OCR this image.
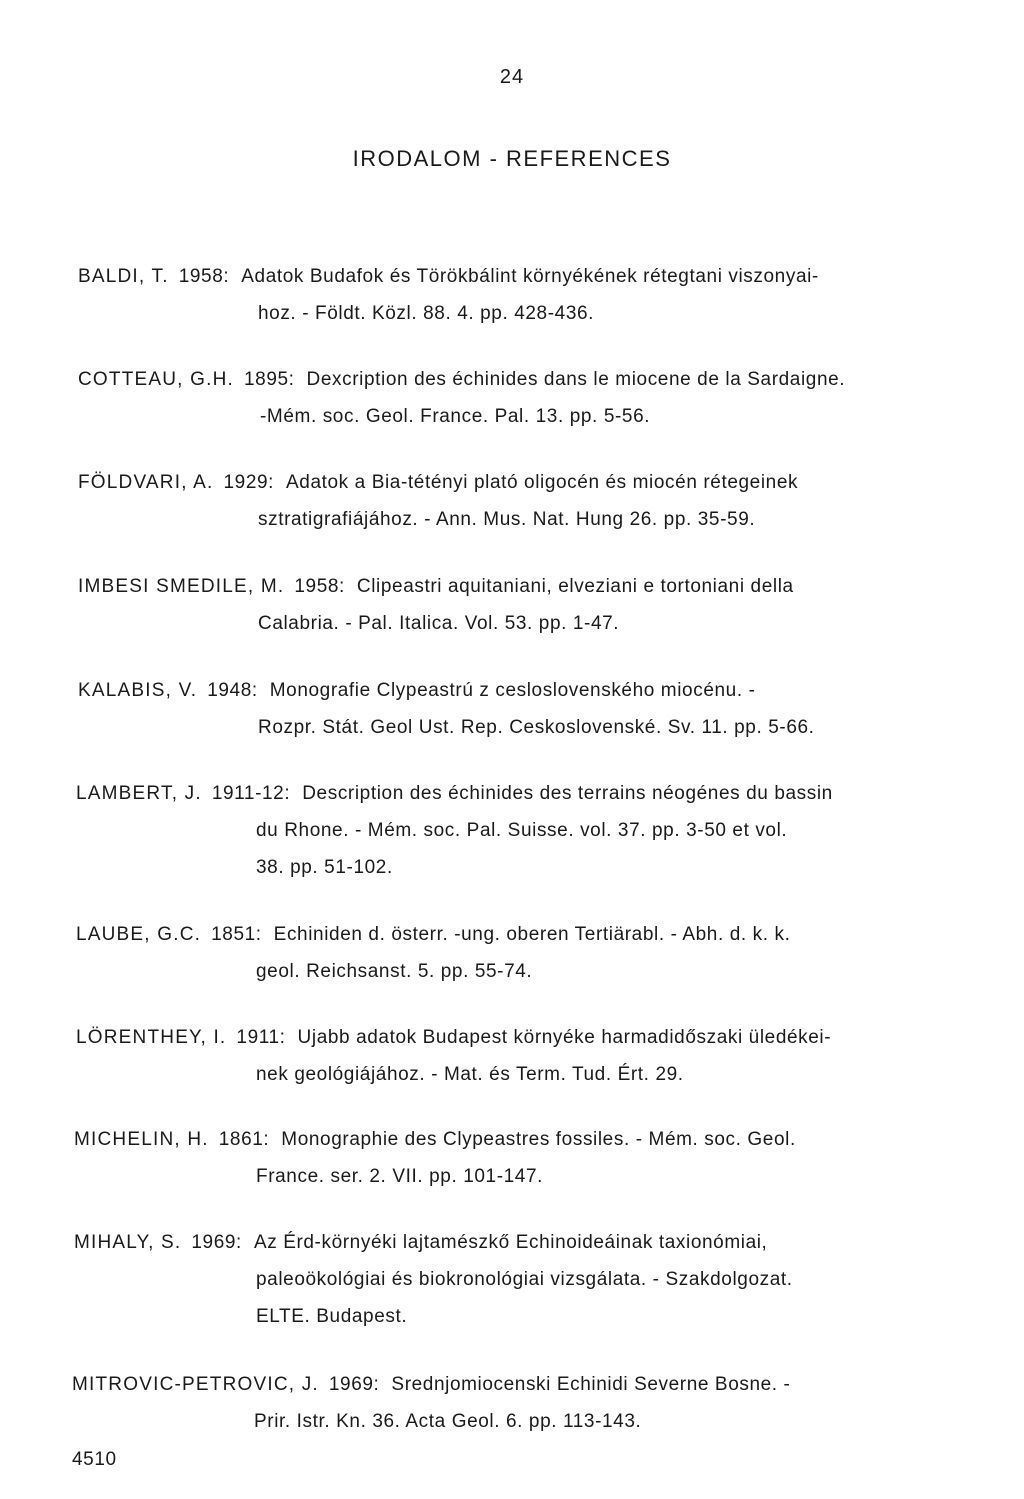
24
IRODALOM - REFERENCES
BALDI, T. 1958: Adatok Budafok és Törökbálint környékének rétegtani viszonyai-
hoz. - Földt. Közl. 88. 4. pp. 428-436.
COTTEAU, G.H. 1895: Dexcription des échinides dans le miocene de la Sardaigne.
-Mém. soc. Geol. France. Pal. 13. pp. 5-56.
FÖLDVARI, A. 1929: Adatok a Bia-tétényi plató oligocén és miocén rétegeinek
sztratigrafiájához. - Ann. Mus. Nat. Hung 26. pp. 35-59.
IMBESI SMEDILE, M. 1958: Clipeastri aquitaniani, elveziani e tortoniani della
Calabria. - Pal. Italica. Vol. 53. pp. 1-47.
KALABIS, V. 1948: Monografie Clypeastrú z cesloslovenského miocénu. -
Rozpr. Stát. Geol Ust. Rep. Ceskoslovenské. Sv. 11. pp. 5-66.
LAMBERT, J. 1911-12: Description des échinides des terrains néogénes du bassin
du Rhone. - Mém. soc. Pal. Suisse. vol. 37. pp. 3-50 et vol.
38. pp. 51-102.
LAUBE, G.C. 1851: Echiniden d. österr. -ung. oberen Tertiärabl. - Abh. d. k. k.
geol. Reichsanst. 5. pp. 55-74.
LÖRENTHEY, I. 1911: Ujabb adatok Budapest környéke harmadidőszaki üledékei-
nek geológiájához. - Mat. és Term. Tud. Ért. 29.
MICHELIN, H. 1861: Monographie des Clypeastres fossiles. - Mém. soc. Geol.
France. ser. 2. VII. pp. 101-147.
MIHALY, S. 1969: Az Érd-környéki lajtamészkő Echinoideáinak taxionómiai,
paleoökológiai és biokronológiai vizsgálata. - Szakdolgozat.
ELTE. Budapest.
MITROVIC-PETROVIC, J. 1969: Srednjomiocenski Echinidi Severne Bosne. -
Prir. Istr. Kn. 36. Acta Geol. 6. pp. 113-143.
4510
